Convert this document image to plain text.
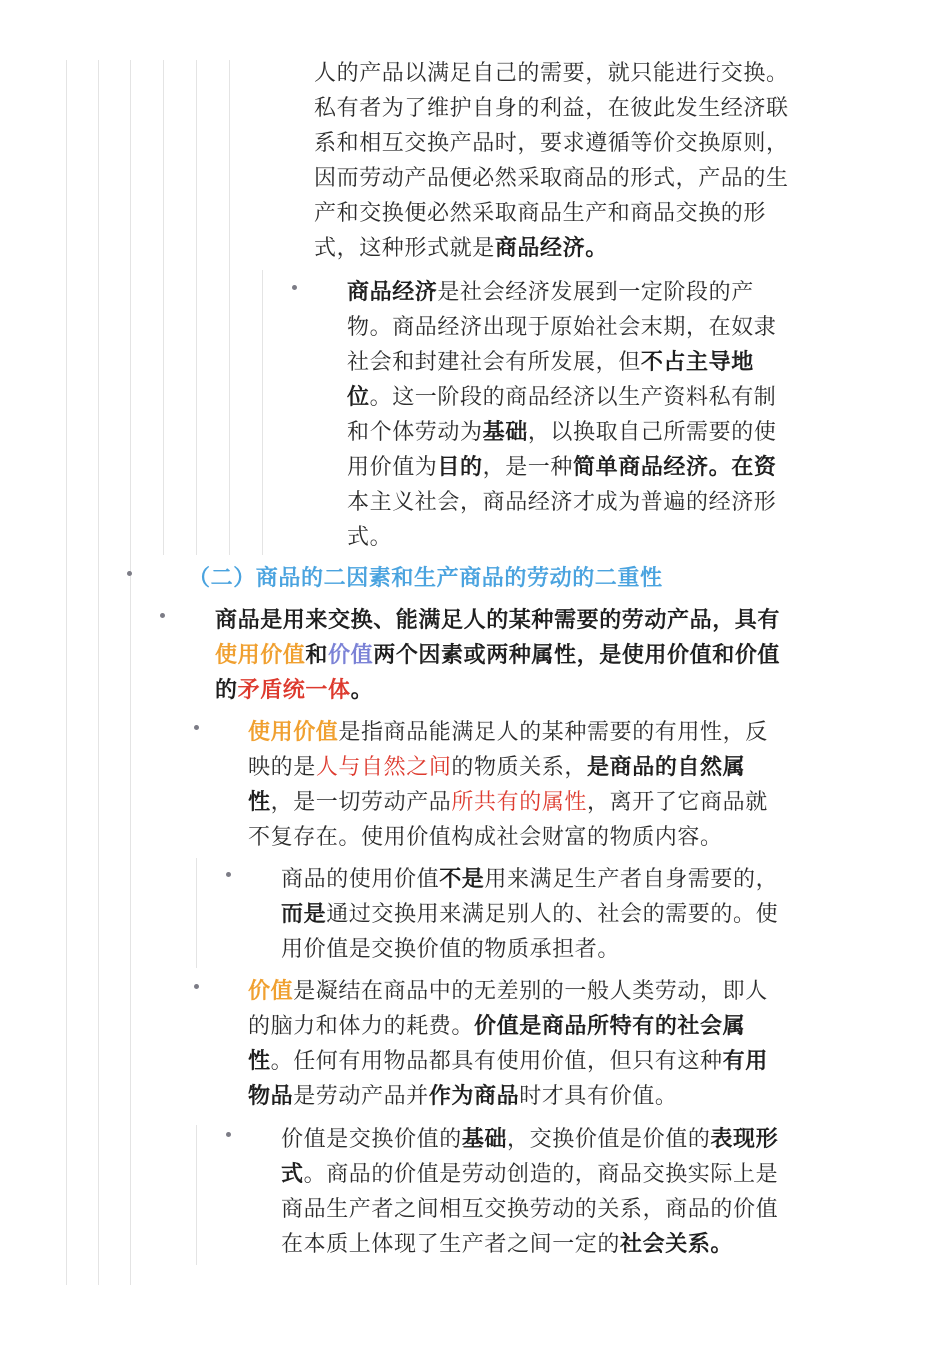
人的产品以满足自己的需要，就只能进行交换。
私有者为了维护自身的利益，在彼此发生经济联
系和相互交换产品时，要求遵循等价交换原则，
因而劳动产品便必然采取商品的形式，产品的生
产和交换便必然采取商品生产和商品交换的形
式，这种形式就是商品经济。
商品经济是社会经济发展到一定阶段的产
物。商品经济出现于原始社会末期，在奴隶
社会和封建社会有所发展，但不占主导地
位。这一阶段的商品经济以生产资料私有制
和个体劳动为基础，以换取自己所需要的使
用价值为目的，是一种简单商品经济。在资
本主义社会，商品经济才成为普遍的经济形
式。
（二）商品的二因素和生产商品的劳动的二重性
商品是用来交换、能满足人的某种需要的劳动产品，具有
使用价值和价值两个因素或两种属性，是使用价值和价值
的矛盾统一体。
使用价值是指商品能满足人的某种需要的有用性，反
映的是人与自然之间的物质关系，是商品的自然属
性，是一切劳动产品所共有的属性，离开了它商品就
不复存在。使用价值构成社会财富的物质内容。
商品的使用价值不是用来满足生产者自身需要的，
而是通过交换用来满足别人的、社会的需要的。使
用价值是交换价值的物质承担者。
价值是凝结在商品中的无差别的一般人类劳动，即人
的脑力和体力的耗费。价值是商品所特有的社会属
性。任何有用物品都具有使用价值，但只有这种有用
物品是劳动产品并作为商品时才具有价值。
价值是交换价值的基础，交换价值是价值的表现形
式。商品的价值是劳动创造的，商品交换实际上是
商品生产者之间相互交换劳动的关系，商品的价值
在本质上体现了生产者之间一定的社会关系。
